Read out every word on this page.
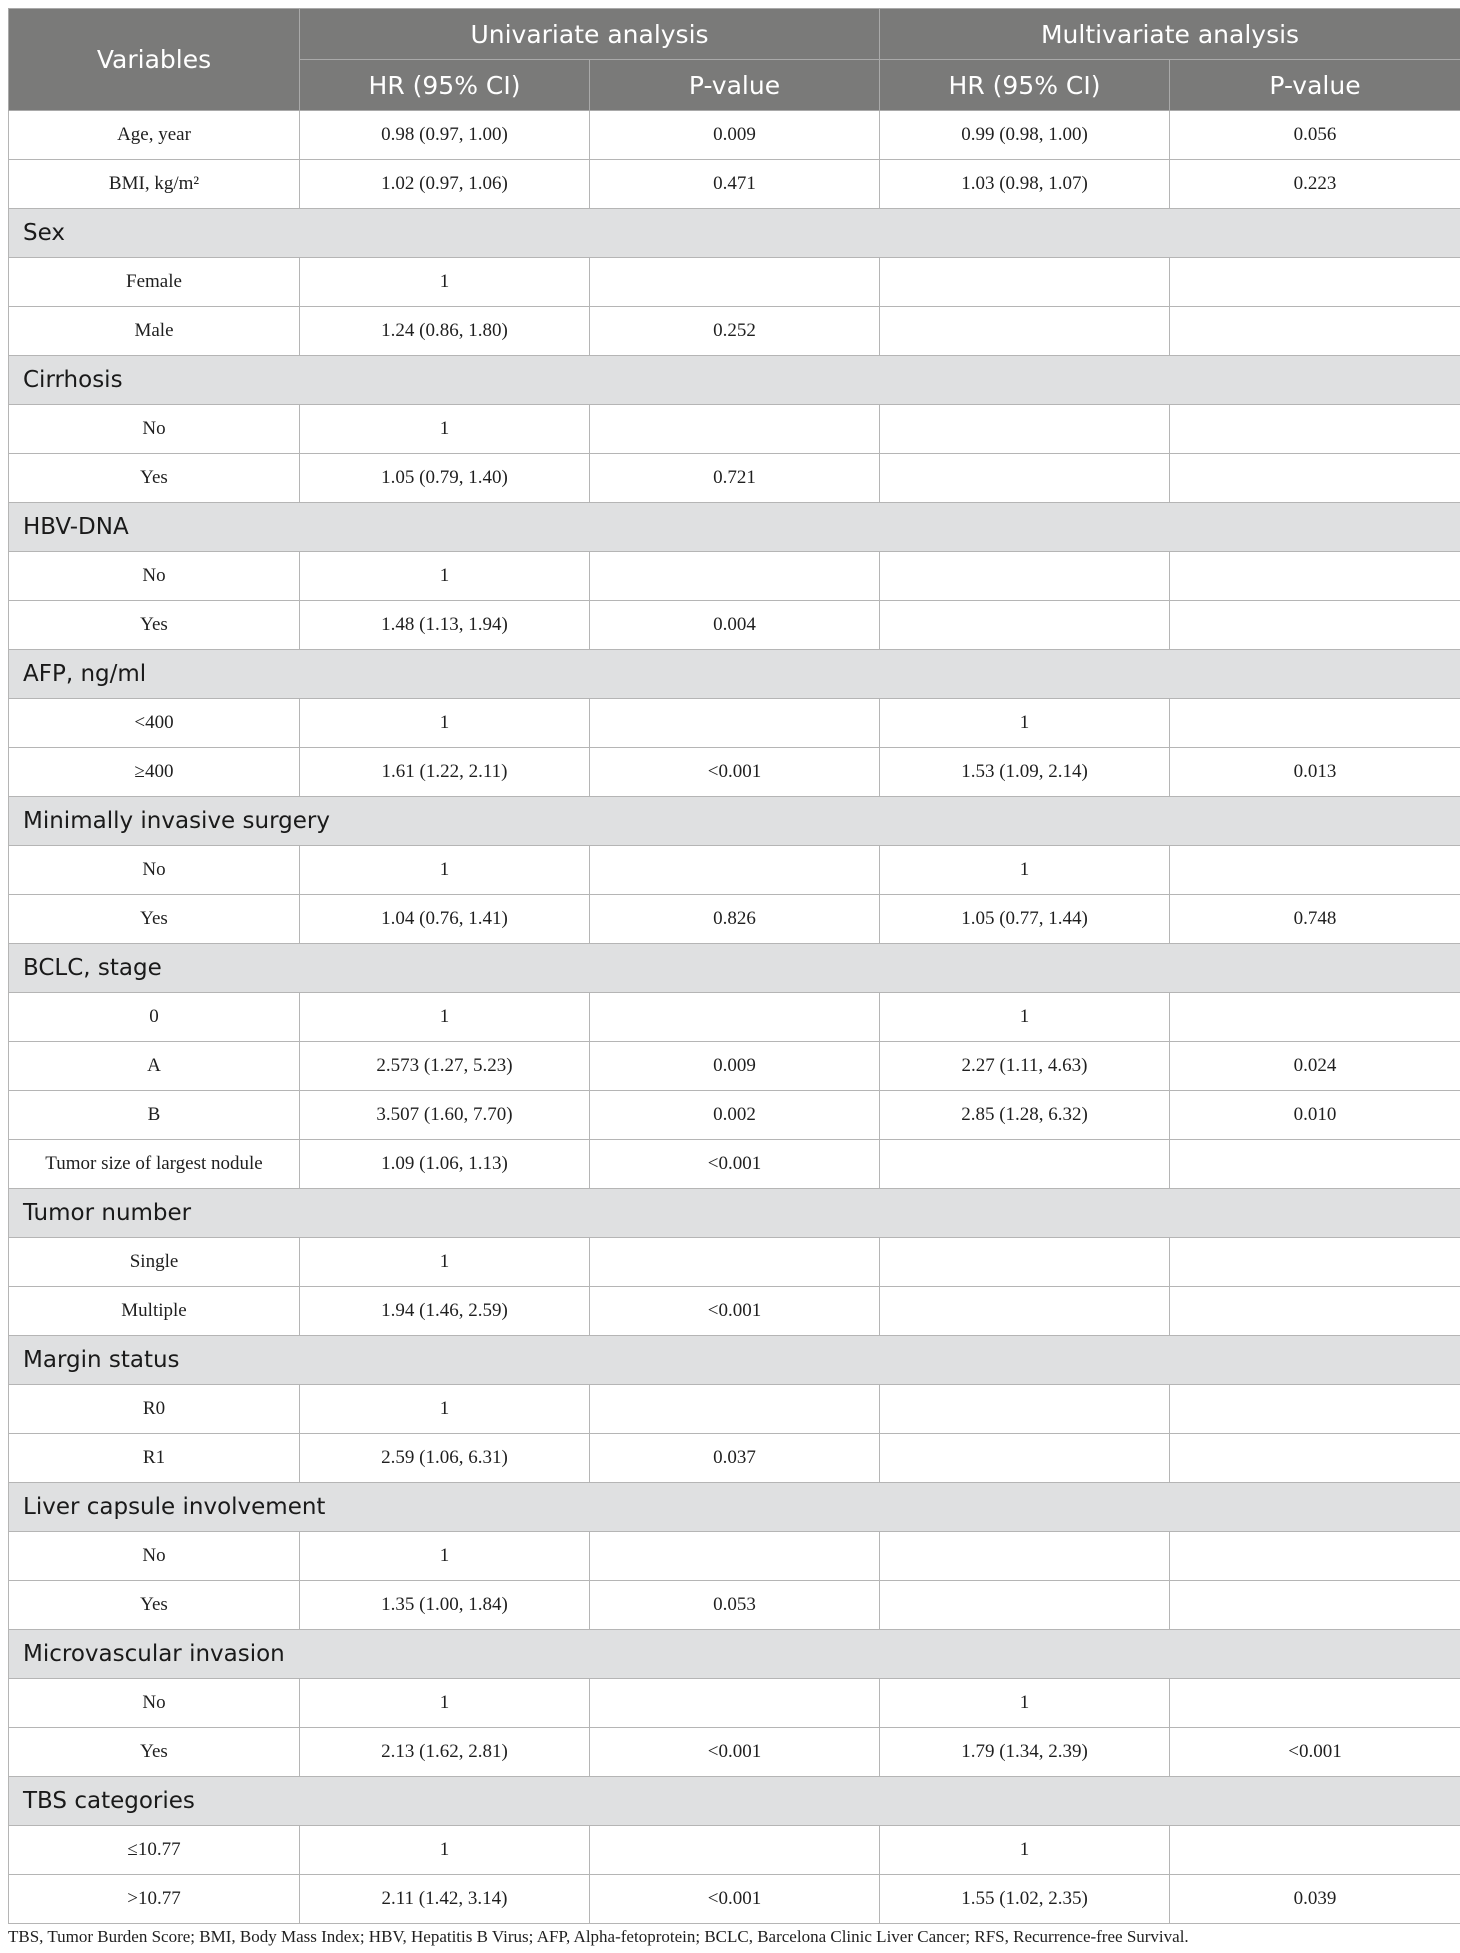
Variables	Univariate analysis		Multivariate analysis	
	HR (95% CI)	P-value	HR (95% CI)	P-value
Age, year	0.98 (0.97, 1.00)	0.009	0.99 (0.98, 1.00)	0.056
BMI, kg/m²	1.02 (0.97, 1.06)	0.471	1.03 (0.98, 1.07)	0.223
Sex				
Female	1			
Male	1.24 (0.86, 1.80)	0.252		
Cirrhosis				
No	1			
Yes	1.05 (0.79, 1.40)	0.721		
HBV-DNA				
No	1			
Yes	1.48 (1.13, 1.94)	0.004		
AFP, ng/ml				
<400	1		1	
≥400	1.61 (1.22, 2.11)	<0.001	1.53 (1.09, 2.14)	0.013
Minimally invasive surgery				
No	1		1	
Yes	1.04 (0.76, 1.41)	0.826	1.05 (0.77, 1.44)	0.748
BCLC, stage				
0	1		1	
A	2.573 (1.27, 5.23)	0.009	2.27 (1.11, 4.63)	0.024
B	3.507 (1.60, 7.70)	0.002	2.85 (1.28, 6.32)	0.010
Tumor size of largest nodule	1.09 (1.06, 1.13)	<0.001		
Tumor number				
Single	1			
Multiple	1.94 (1.46, 2.59)	<0.001		
Margin status				
R0	1			
R1	2.59 (1.06, 6.31)	0.037		
Liver capsule involvement				
No	1			
Yes	1.35 (1.00, 1.84)	0.053		
Microvascular invasion				
No	1		1	
Yes	2.13 (1.62, 2.81)	<0.001	1.79 (1.34, 2.39)	<0.001
TBS categories				
≤10.77	1		1	
>10.77	2.11 (1.42, 3.14)	<0.001	1.55 (1.02, 2.35)	0.039
TBS, Tumor Burden Score; BMI, Body Mass Index; HBV, Hepatitis B Virus; AFP, Alpha-fetoprotein; BCLC, Barcelona Clinic Liver Cancer; RFS, Recurrence-free Survival.
